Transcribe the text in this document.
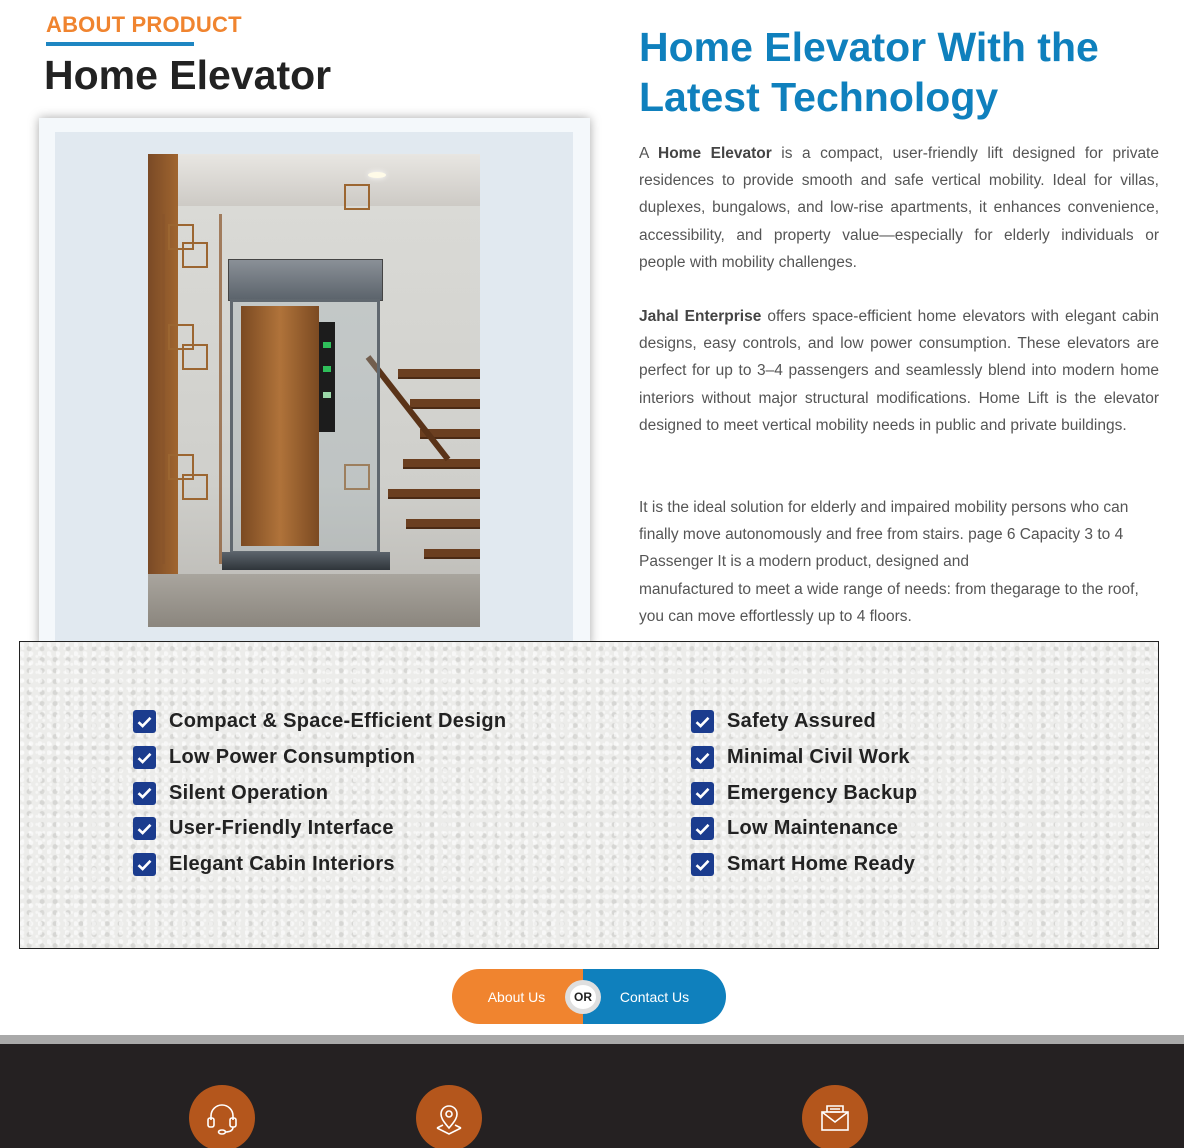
ABOUT PRODUCT
Home Elevator
Home Elevator With the Latest Technology

A Home Elevator is a compact, user-friendly lift designed for private residences to provide smooth and safe vertical mobility. Ideal for villas, duplexes, bungalows, and low-rise apartments, it enhances convenience, accessibility, and property value—especially for elderly individuals or people with mobility challenges.

Jahal Enterprise offers space-efficient home elevators with elegant cabin designs, easy controls, and low power consumption. These elevators are perfect for up to 3–4 passengers and seamlessly blend into modern home interiors without major structural modifications. Home Lift is the elevator designed to meet vertical mobility needs in public and private buildings.

It is the ideal solution for elderly and impaired mobility persons who can finally move autonomously and free from stairs. page 6 Capacity 3 to 4 Passenger It is a modern product, designed and
manufactured to meet a wide range of needs: from thegarage to the roof, you can move effortlessly up to 4 floors.

Compact & Space-Efficient Design
Low Power Consumption
Silent Operation
User-Friendly Interface
Elegant Cabin Interiors
Safety Assured
Minimal Civil Work
Emergency Backup
Low Maintenance
Smart Home Ready
About Us	Contact Us
OR
